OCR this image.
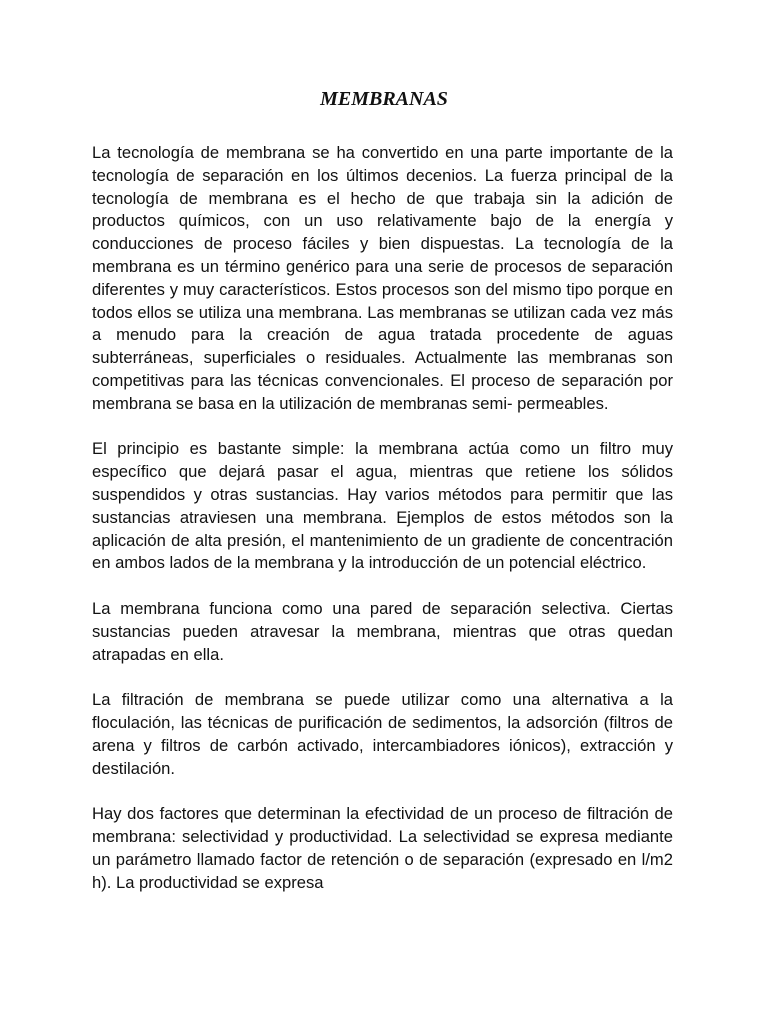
MEMBRANAS

La tecnología de membrana se ha convertido en una parte importante de la tecnología de separación en los últimos decenios. La fuerza principal de la tecnología de membrana es el hecho de que trabaja sin la adición de productos químicos, con un uso relativamente bajo de la energía y conducciones de proceso fáciles y bien dispuestas. La tecnología de la membrana es un término genérico para una serie de procesos de separación diferentes y muy característicos. Estos procesos son del mismo tipo porque en todos ellos se utiliza una membrana. Las membranas se utilizan cada vez más a menudo para la creación de agua tratada procedente de aguas subterráneas, superficiales o residuales. Actualmente las membranas son competitivas para las técnicas convencionales. El proceso de separación por membrana se basa en la utilización de membranas semi- permeables.

El principio es bastante simple: la membrana actúa como un filtro muy específico que dejará pasar el agua, mientras que retiene los sólidos suspendidos y otras sustancias. Hay varios métodos para permitir que las sustancias atraviesen una membrana. Ejemplos de estos métodos son la aplicación de alta presión, el mantenimiento de un gradiente de concentración en ambos lados de la membrana y la introducción de un potencial eléctrico.

La membrana funciona como una pared de separación selectiva. Ciertas sustancias pueden atravesar la membrana, mientras que otras quedan atrapadas en ella.

La filtración de membrana se puede utilizar como una alternativa a la floculación, las técnicas de purificación de sedimentos, la adsorción (filtros de arena y filtros de carbón activado, intercambiadores iónicos), extracción y destilación.

Hay dos factores que determinan la efectividad de un proceso de filtración de membrana: selectividad y productividad. La selectividad se expresa mediante un parámetro llamado factor de retención o de separación (expresado en l/m2 h). La productividad se expresa
